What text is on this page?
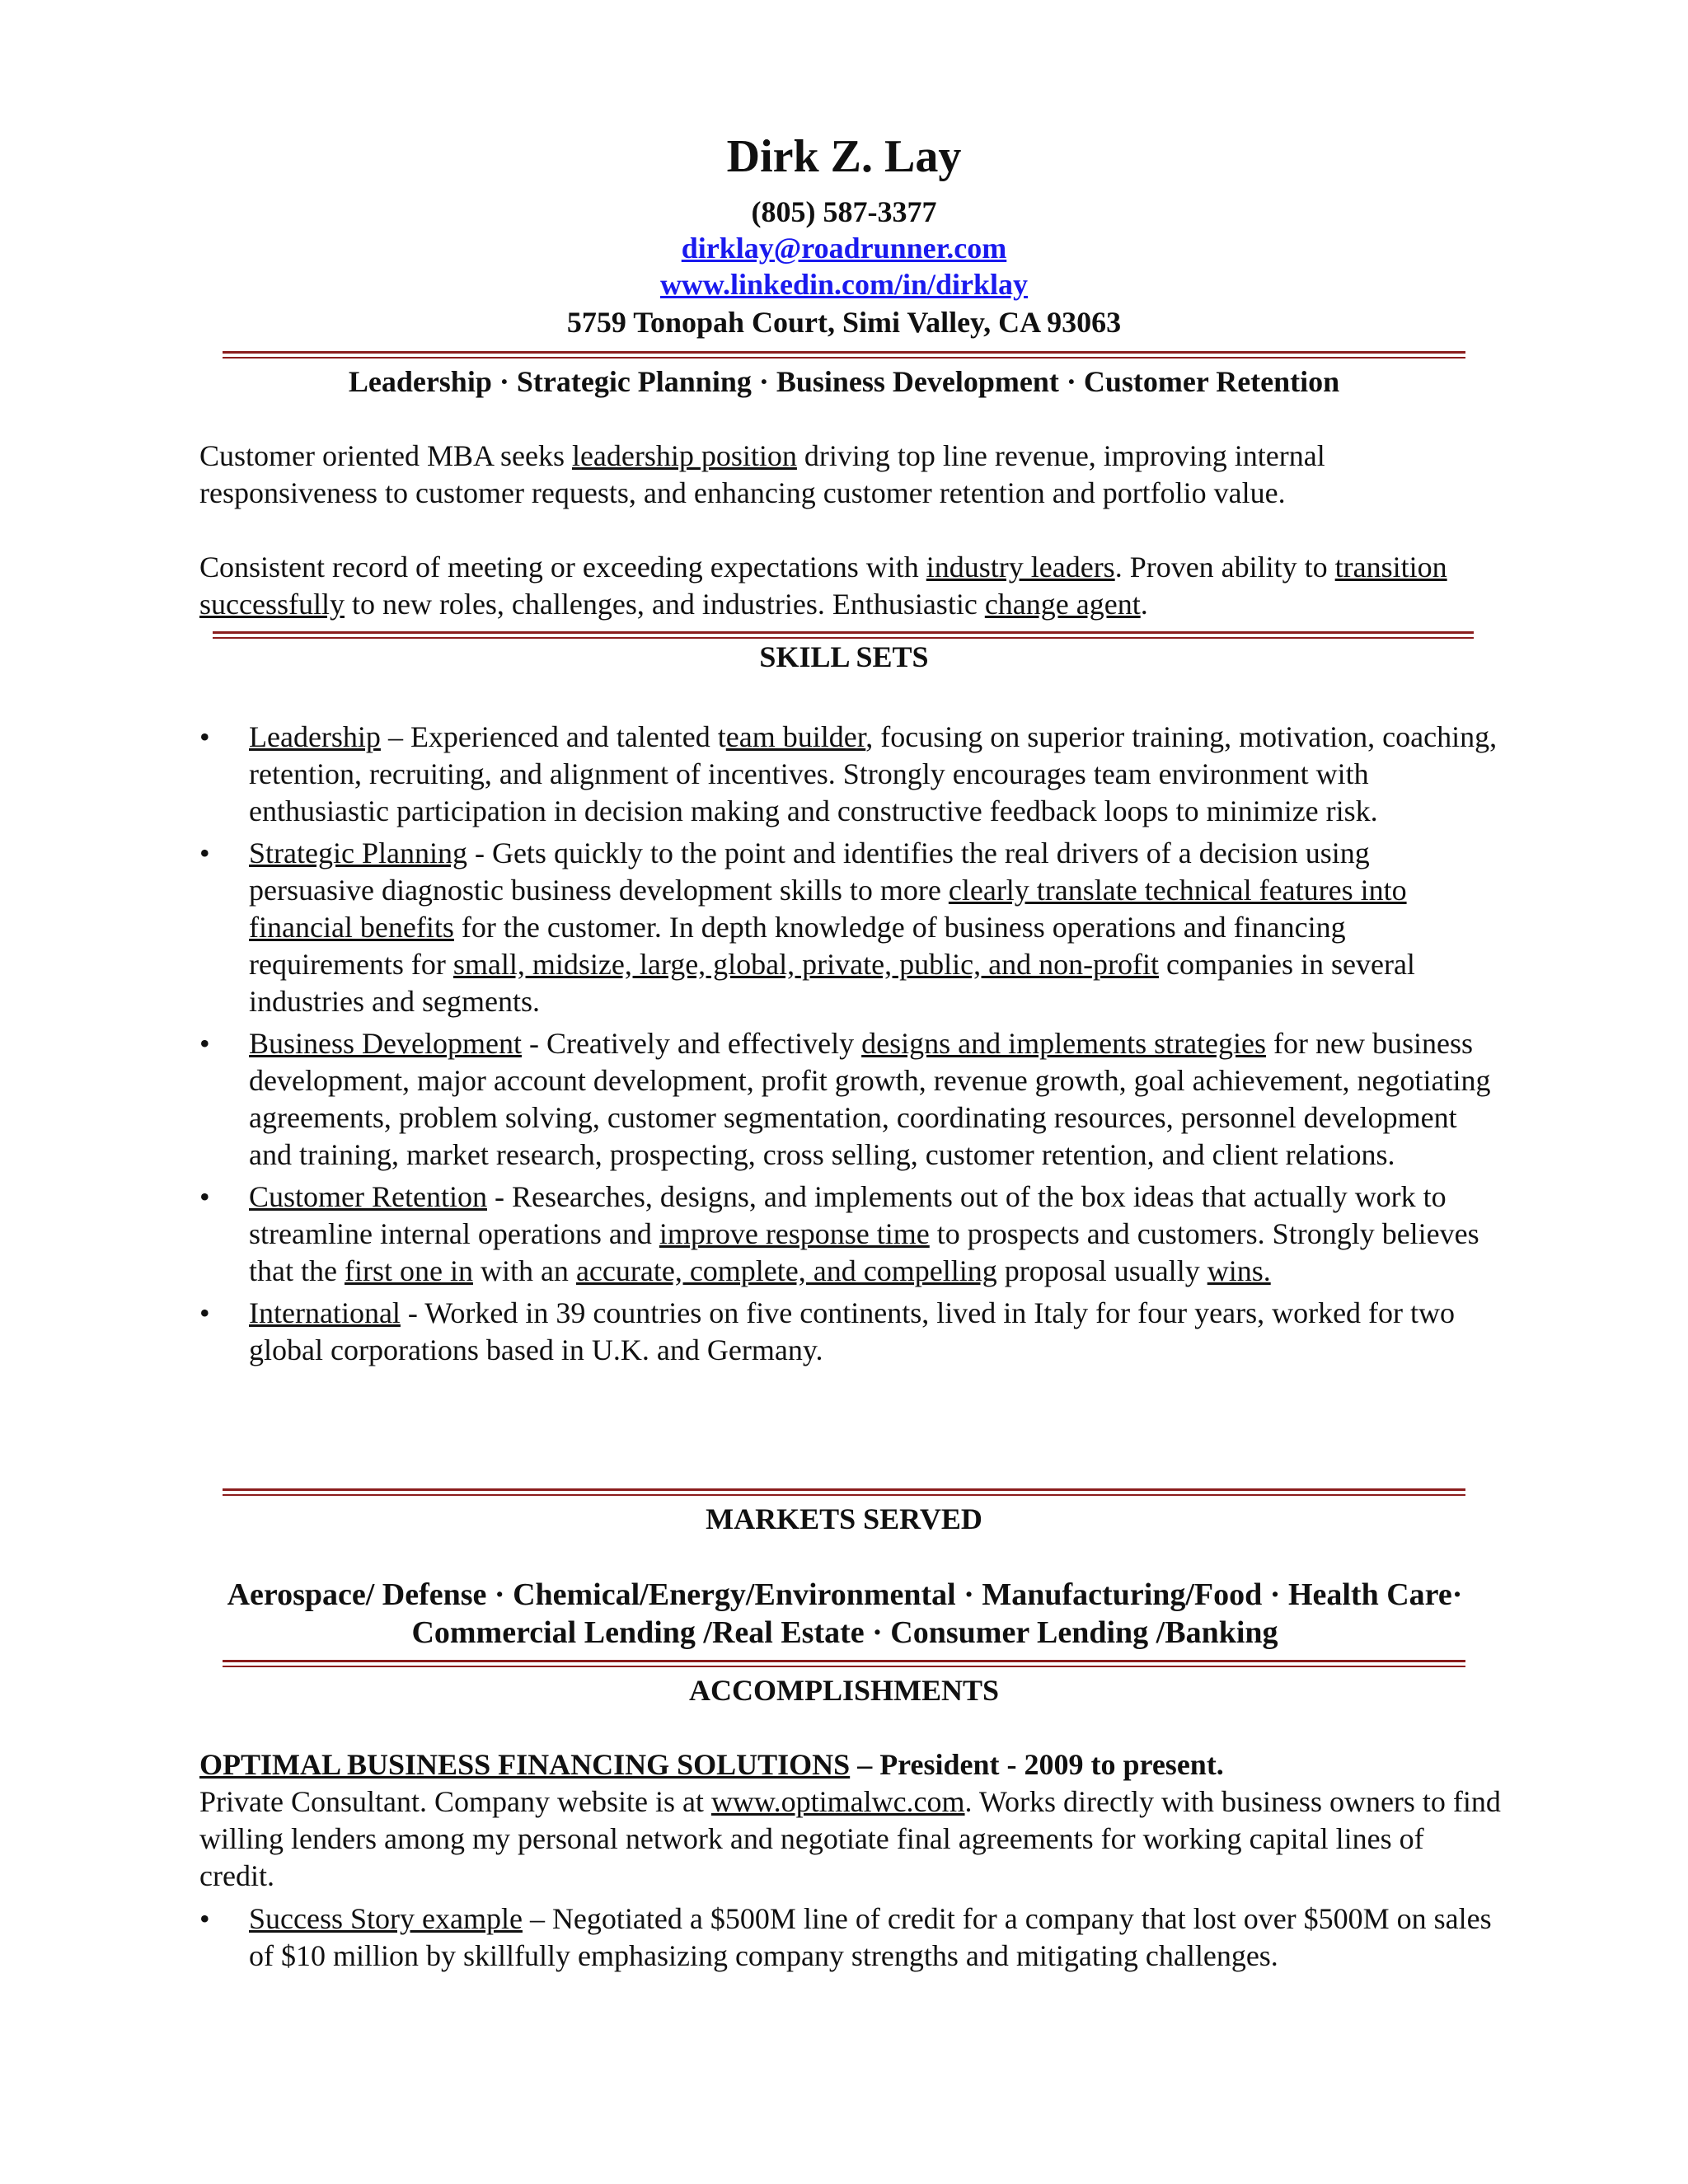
Dirk Z. Lay
(805) 587-3377
dirklay@roadrunner.com
www.linkedin.com/in/dirklay
5759 Tonopah Court, Simi Valley, CA 93063
Leadership · Strategic Planning · Business Development · Customer Retention
Customer oriented MBA seeks leadership position driving top line revenue, improving internal responsiveness to customer requests, and enhancing customer retention and portfolio value.
Consistent record of meeting or exceeding expectations with industry leaders. Proven ability to transition successfully to new roles, challenges, and industries. Enthusiastic change agent.
SKILL SETS
•	Leadership – Experienced and talented team builder, focusing on superior training, motivation, coaching, retention, recruiting, and alignment of incentives. Strongly encourages team environment with enthusiastic participation in decision making and constructive feedback loops to minimize risk.
•	Strategic Planning - Gets quickly to the point and identifies the real drivers of a decision using persuasive diagnostic business development skills to more clearly translate technical features into financial benefits for the customer. In depth knowledge of business operations and financing requirements for small, midsize, large, global, private, public, and non-profit companies in several industries and segments.
•	Business Development - Creatively and effectively designs and implements strategies for new business development, major account development, profit growth, revenue growth, goal achievement, negotiating agreements, problem solving, customer segmentation, coordinating resources, personnel development and training, market research, prospecting, cross selling, customer retention, and client relations.
•	Customer Retention - Researches, designs, and implements out of the box ideas that actually work to streamline internal operations and improve response time to prospects and customers. Strongly believes that the first one in with an accurate, complete, and compelling proposal usually wins.
•	International - Worked in 39 countries on five continents, lived in Italy for four years, worked for two global corporations based in U.K. and Germany.
MARKETS SERVED
Aerospace/ Defense · Chemical/Energy/Environmental · Manufacturing/Food · Health Care· Commercial Lending /Real Estate · Consumer Lending /Banking
ACCOMPLISHMENTS
OPTIMAL BUSINESS FINANCING SOLUTIONS – President - 2009 to present.
Private Consultant. Company website is at www.optimalwc.com. Works directly with business owners to find willing lenders among my personal network and negotiate final agreements for working capital lines of credit.
•	Success Story example – Negotiated a $500M line of credit for a company that lost over $500M on sales of $10 million by skillfully emphasizing company strengths and mitigating challenges.
